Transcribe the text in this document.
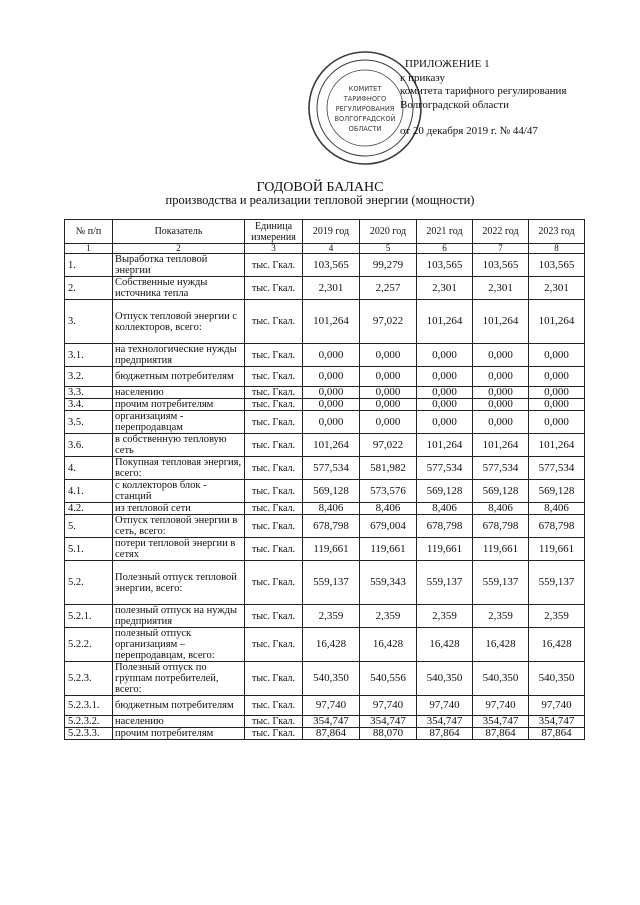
КОМИТЕТ
ТАРИФНОГО
РЕГУЛИРОВАНИЯ
ВОЛГОГРАДСКОЙ
ОБЛАСТИ
ПРИЛОЖЕНИЕ 1
к приказу
комитета тарифного регулирования
Волгоградской области
от 20 декабря 2019 г. № 44/47
ГОДОВОЙ БАЛАНС
производства и реализации тепловой энергии (мощности)
№ п/п	Показатель	Единица измерения	2019 год	2020 год	2021 год	2022 год	2023 год
1	2	3	4	5	6	7	8
1.	Выработка тепловой энергии	тыс. Гкал.	103,565	99,279	103,565	103,565	103,565
2.	Собственные нужды источника тепла	тыс. Гкал.	2,301	2,257	2,301	2,301	2,301
3.	Отпуск тепловой энергии с коллекторов, всего:	тыс. Гкал.	101,264	97,022	101,264	101,264	101,264
3.1.	на технологические нужды предприятия	тыс. Гкал.	0,000	0,000	0,000	0,000	0,000
3.2.	бюджетным потребителям	тыс. Гкал.	0,000	0,000	0,000	0,000	0,000
3.3.	населению	тыс. Гкал.	0,000	0,000	0,000	0,000	0,000
3.4.	прочим потребителям	тыс. Гкал.	0,000	0,000	0,000	0,000	0,000
3.5.	организациям - перепродавцам	тыс. Гкал.	0,000	0,000	0,000	0,000	0,000
3.6.	в собственную тепловую сеть	тыс. Гкал.	101,264	97,022	101,264	101,264	101,264
4.	Покупная тепловая энергия, всего:	тыс. Гкал.	577,534	581,982	577,534	577,534	577,534
4.1.	с коллекторов блок - станций	тыс. Гкал.	569,128	573,576	569,128	569,128	569,128
4.2.	из тепловой сети	тыс. Гкал.	8,406	8,406	8,406	8,406	8,406
5.	Отпуск тепловой энергии в сеть, всего:	тыс. Гкал.	678,798	679,004	678,798	678,798	678,798
5.1.	потери тепловой энергии в сетях	тыс. Гкал.	119,661	119,661	119,661	119,661	119,661
5.2.	Полезный отпуск тепловой энергии, всего:	тыс. Гкал.	559,137	559,343	559,137	559,137	559,137
5.2.1.	полезный отпуск на нужды предприятия	тыс. Гкал.	2,359	2,359	2,359	2,359	2,359
5.2.2.	полезный отпуск организациям – перепродавцам, всего:	тыс. Гкал.	16,428	16,428	16,428	16,428	16,428
5.2.3.	Полезный отпуск по группам потребителей, всего:	тыс. Гкал.	540,350	540,556	540,350	540,350	540,350
5.2.3.1.	бюджетным потребителям	тыс. Гкал.	97,740	97,740	97,740	97,740	97,740
5.2.3.2.	населению	тыс. Гкал.	354,747	354,747	354,747	354,747	354,747
5.2.3.3.	прочим потребителям	тыс. Гкал.	87,864	88,070	87,864	87,864	87,864
